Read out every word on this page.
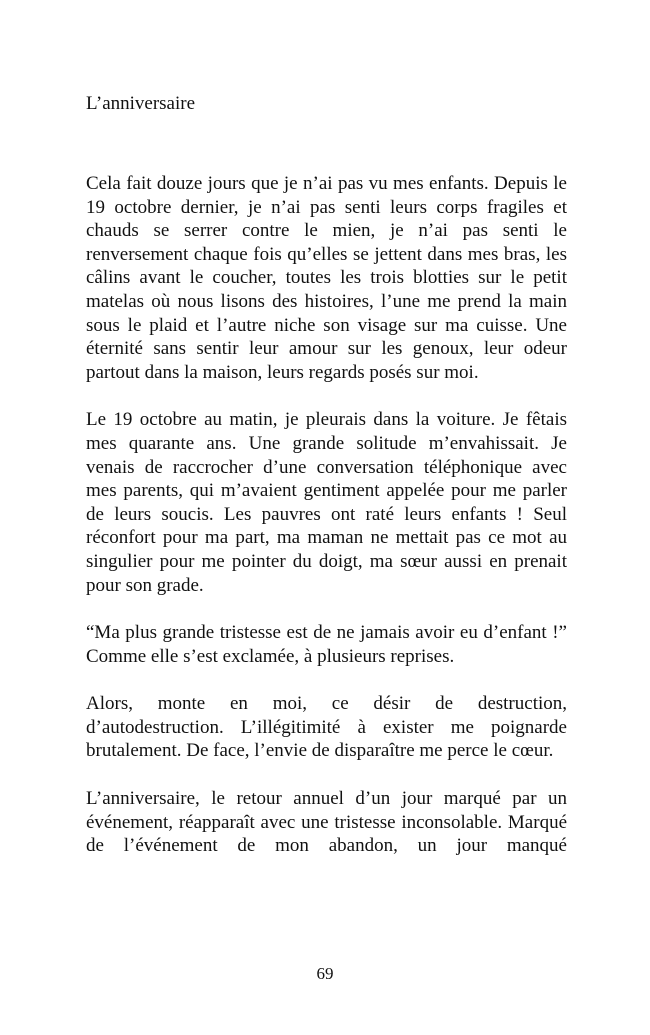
L’anniversaire

Cela fait douze jours que je n’ai pas vu mes enfants. Depuis le 19 octobre dernier, je n’ai pas senti leurs corps fragiles et chauds se serrer contre le mien, je n’ai pas senti le renversement chaque fois qu’elles se jettent dans mes bras, les câlins avant le coucher, toutes les trois blotties sur le petit matelas où nous lisons des histoires, l’une me prend la main sous le plaid et l’autre niche son visage sur ma cuisse. Une éternité sans sentir leur amour sur les genoux, leur odeur partout dans la maison, leurs regards posés sur moi.

Le 19 octobre au matin, je pleurais dans la voiture. Je fêtais mes quarante ans. Une grande solitude m’envahissait. Je venais de raccrocher d’une conversation téléphonique avec mes parents, qui m’avaient gentiment appelée pour me parler de leurs soucis. Les pauvres ont raté leurs enfants ! Seul réconfort pour ma part, ma maman ne mettait pas ce mot au singulier pour me pointer du doigt, ma sœur aussi en prenait pour son grade.

“Ma plus grande tristesse est de ne jamais avoir eu d’enfant !” Comme elle s’est exclamée, à plusieurs reprises.

Alors, monte en moi, ce désir de destruction, d’autodestruction. L’illégitimité à exister me poignarde brutalement. De face, l’envie de disparaître me perce le cœur.

L’anniversaire, le retour annuel d’un jour marqué par un événement, réapparaît avec une tristesse inconsolable. Marqué de l’événement de mon abandon, un jour manqué

69
